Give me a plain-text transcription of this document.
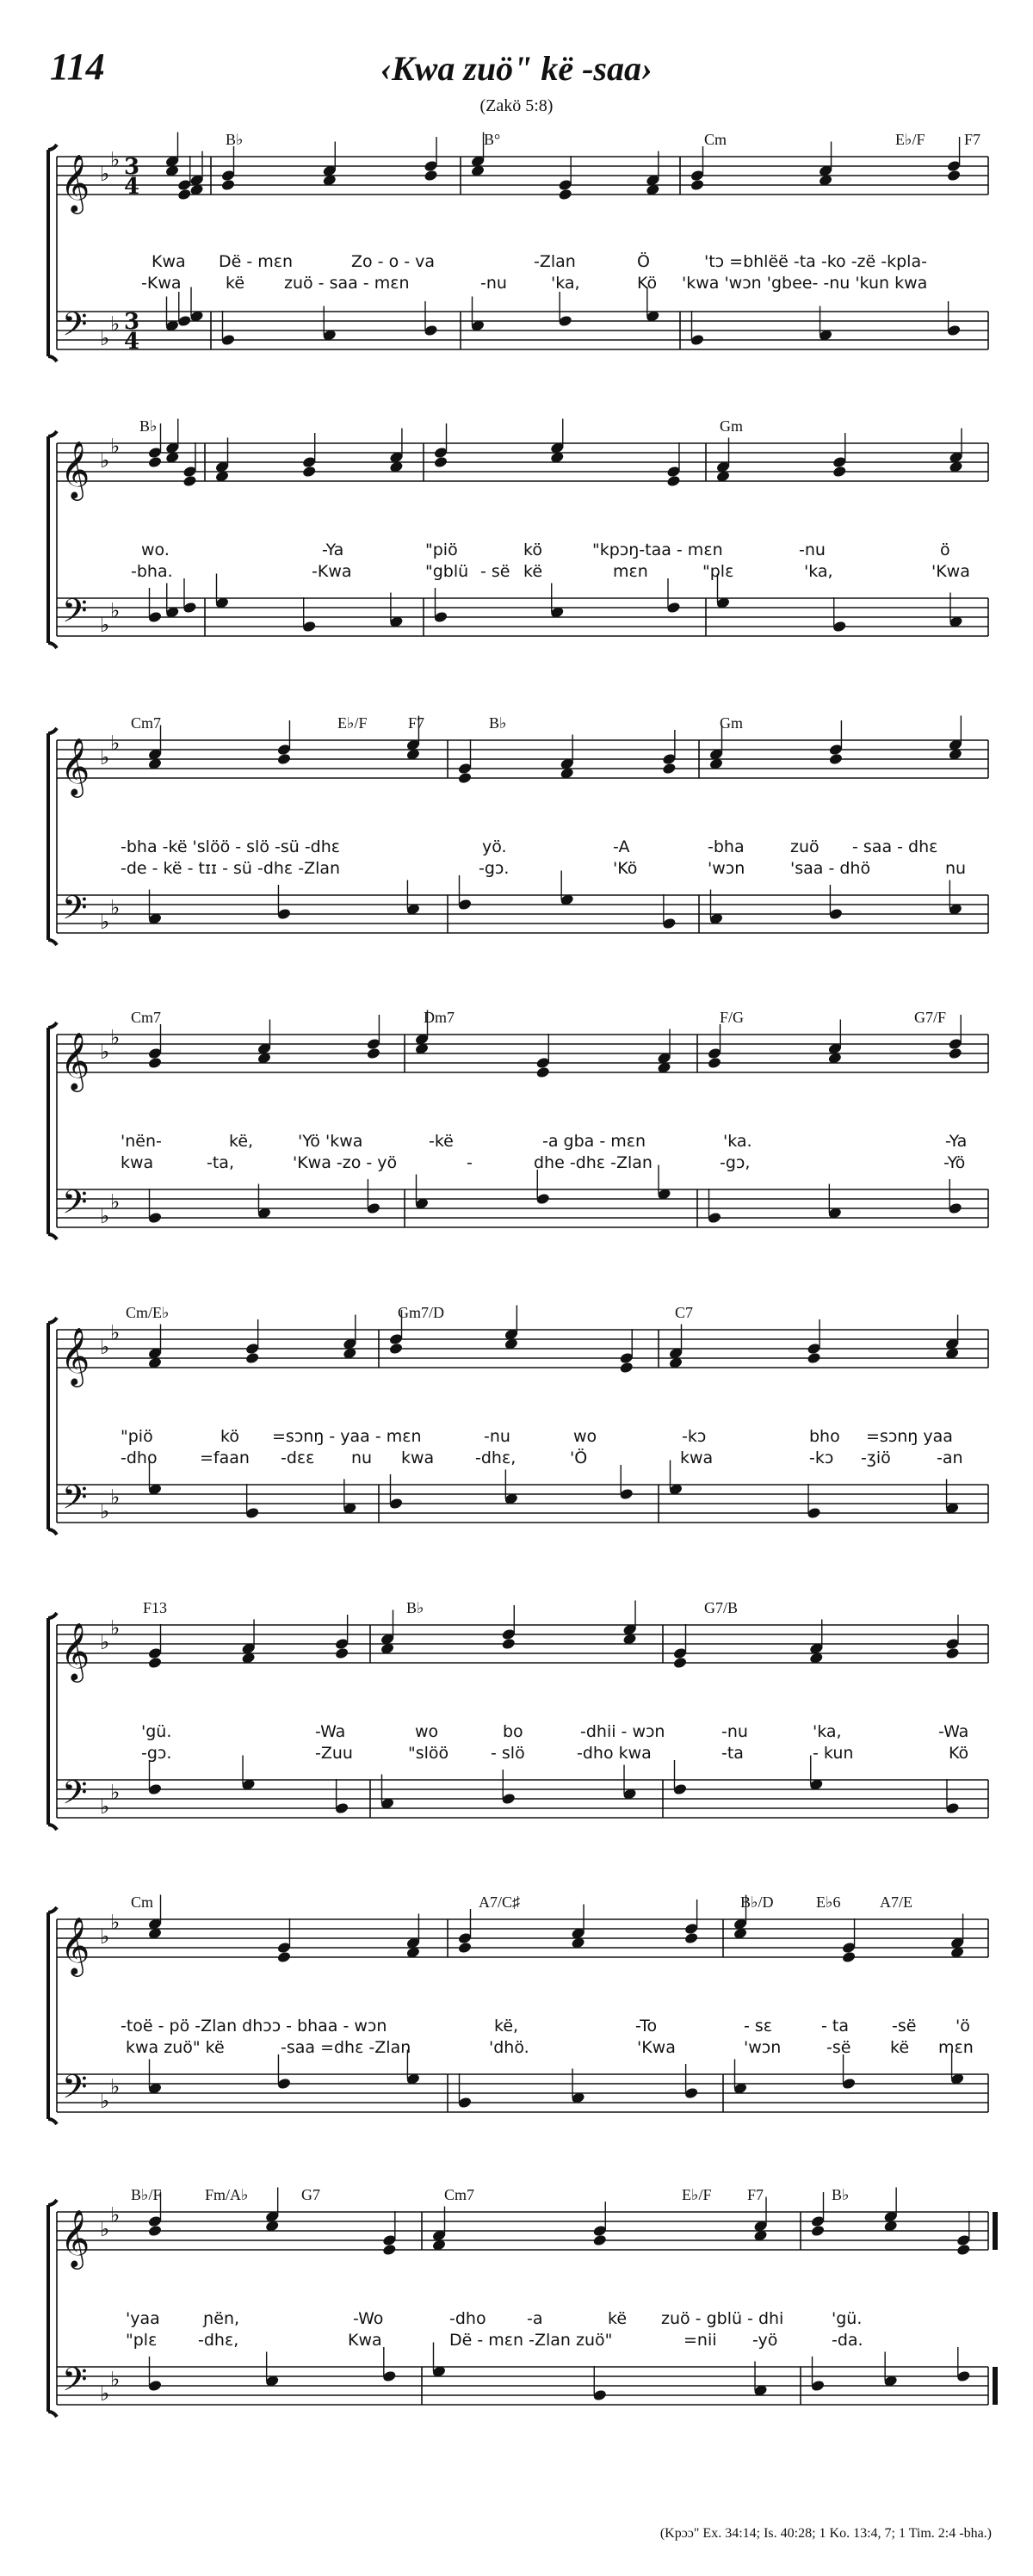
114	‹Kwa zuö" kë -saa›
(Zakö 5:8)
𝄞
𝄢
♭
♭
♭
♭
3
4
3
4
B♭	B°	Cm	E♭/F	F7
Kwa Dë - mɛn	Zo - o - va	-Zlan	Ö	'tɔ =bhlëë -ta -ko -zë -kpla-
-Kwa	kë zuö - saa - mɛn	-nu	'ka,	Kö 'kwa 'wɔn 'gbee- -nu 'kun kwa
𝄞
𝄢
♭
♭
♭
♭
B♭	Gm
wo.	-Ya	"piö	kö	"kpɔŋ-taa - mɛn	-nu	ö
-bha.	-Kwa	"gblü - së kë	mɛn	"plɛ	'ka,	'Kwa
𝄞
𝄢
♭
♭
♭
♭
Cm7	E♭/F	F7	B♭	Gm
-bha -kë 'slöö - slö -sü -dhɛ	yö.	-A	-bha	zuö - saa - dhɛ
-de - kë - tɪɪ - sü -dhɛ -Zlan	-gɔ.	'Kö	'wɔn	'saa - dhö	nu
𝄞
𝄢
♭
♭
♭
♭
Cm7	Dm7	F/G	G7/F
'nën-	kë,	'Yö 'kwa	-kë	-a gba - mɛn	'ka.	-Ya
kwa	-ta,	'Kwa -zo - yö	-	dhe -dhɛ -Zlan	-gɔ,	-Yö
𝄞
𝄢
♭
♭
♭
♭
Cm/E♭	Gm7/D	C7
"piö	kö =sɔnŋ - yaa - mɛn	-nu	wo	-kɔ	bho =sɔnŋ yaa
-dho	=faan -dɛɛ nu kwa	-dhɛ,	'Ö	kwa	-kɔ -ʒiö	-an
𝄞
𝄢
♭
♭
♭
♭
F13	B♭	G7/B
'gü.	-Wa	wo	bo	-dhii - wɔn	-nu	'ka,	-Wa
-gɔ.	-Zuu	"slöö	- slö	-dho kwa	-ta	- kun	Kö
𝄞
𝄢
♭
♭
♭
♭
Cm	A7/C♯	B♭/D	E♭6	A7/E
-toë - pö -Zlan dhɔɔ - bhaa - wɔn	kë,	-To	- sɛ	- ta	-së 'ö
kwa zuö" kë	-saa =dhɛ -Zlan	'dhö.	'Kwa	'wɔn	-së kë mɛn
𝄞
𝄢
♭
♭
♭
♭
B♭/F	Fm/A♭	G7	Cm7	E♭/F F7	B♭
'yaa	ɲën,	-Wo	-dho -a	kë zuö - gblü - dhi	'gü.
"plɛ	-dhɛ,	Kwa	Dë - mɛn -Zlan zuö"	=nii -yö	-da.
(Kpɔɔ" Ex. 34:14; Is. 40:28; 1 Ko. 13:4, 7; 1 Tim. 2:4 -bha.)
